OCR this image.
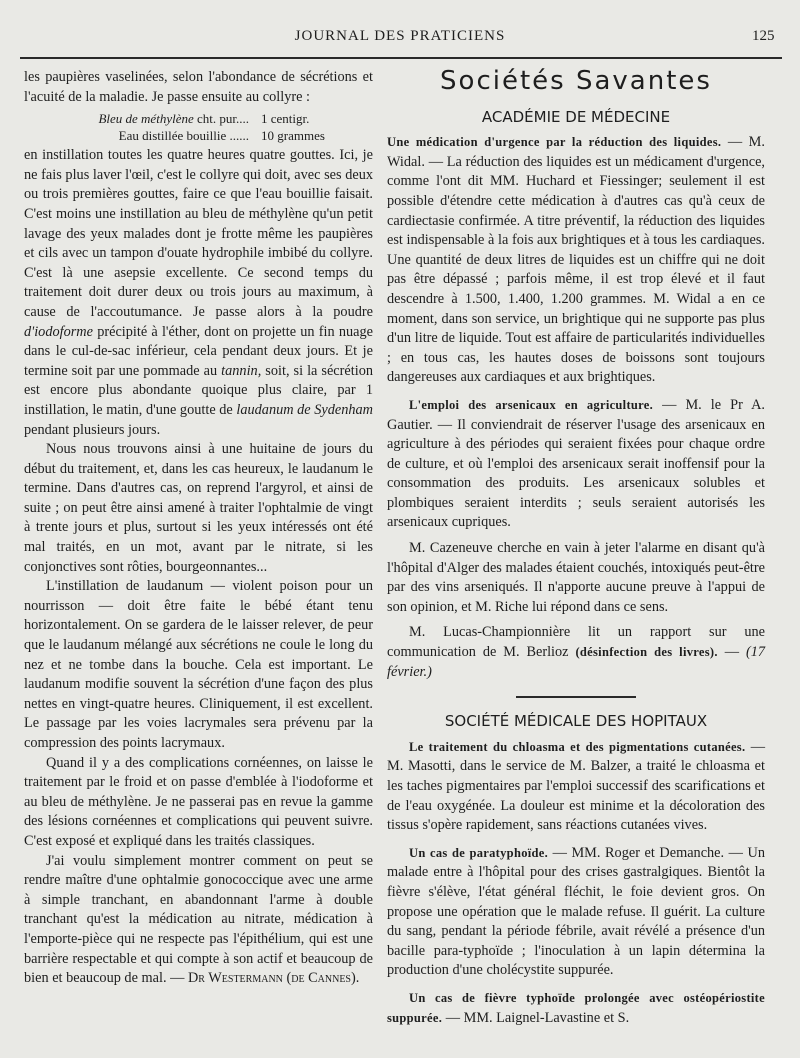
JOURNAL DES PRATICIENS	125

les paupières vaselinées, selon l'abondance de sécrétions et l'acuité de la maladie. Je passe ensuite au collyre :

Bleu de méthylène cht. pur.... 1 centigr.
Eau distillée bouillie ...... 10 grammes

en instillation toutes les quatre heures quatre gouttes. Ici, je ne fais plus laver l'œil, c'est le collyre qui doit, avec ses deux ou trois premières gouttes, faire ce que l'eau bouillie faisait. C'est moins une instillation au bleu de méthylène qu'un petit lavage des yeux malades dont je frotte même les paupières et cils avec un tampon d'ouate hydrophile imbibé du collyre. C'est là une asepsie excellente. Ce second temps du traitement doit durer deux ou trois jours au maximum, à cause de l'accoutumance. Je passe alors à la poudre d'iodoforme précipité à l'éther, dont on projette un fin nuage dans le cul-de-sac inférieur, cela pendant deux jours. Et je termine soit par une pommade au tannin, soit, si la sécrétion est encore plus abondante quoique plus claire, par 1 instillation, le matin, d'une goutte de laudanum de Sydenham pendant plusieurs jours.

Nous nous trouvons ainsi à une huitaine de jours du début du traitement, et, dans les cas heureux, le laudanum le termine. Dans d'autres cas, on reprend l'argyrol, et ainsi de suite ; on peut être ainsi amené à traiter l'ophtalmie de vingt à trente jours et plus, surtout si les yeux intéressés ont été mal traités, en un mot, avant par le nitrate, si les conjonctives sont rôties, bourgeonnantes...

L'instillation de laudanum — violent poison pour un nourrisson — doit être faite le bébé étant tenu horizontalement. On se gardera de le laisser relever, de peur que le laudanum mélangé aux sécrétions ne coule le long du nez et ne tombe dans la bouche. Cela est important. Le laudanum modifie souvent la sécrétion d'une façon des plus nettes en vingt-quatre heures. Cliniquement, il est excellent. Le passage par les voies lacrymales sera prévenu par la compression des points lacrymaux.

Quand il y a des complications cornéennes, on laisse le traitement par le froid et on passe d'emblée à l'iodoforme et au bleu de méthylène. Je ne passerai pas en revue la gamme des lésions cornéennes et complications qui peuvent suivre. C'est exposé et expliqué dans les traités classiques.

J'ai voulu simplement montrer comment on peut se rendre maître d'une ophtalmie gonococcique avec une arme à simple tranchant, en abandonnant l'arme à double tranchant qu'est la médication au nitrate, médication à l'emporte-pièce qui ne respecte pas l'épithélium, qui est une barrière respectable et qui compte à son actif et beaucoup de bien et beaucoup de mal. — Dr Westermann (de Cannes).

Sociétés Savantes
ACADÉMIE DE MÉDECINE

Une médication d'urgence par la réduction des liquides. — M. Widal. — La réduction des liquides est un médicament d'urgence, comme l'ont dit MM. Huchard et Fiessinger; seulement il est possible d'étendre cette médication à d'autres cas qu'à ceux de cardiectasie confirmée. A titre préventif, la réduction des liquides est indispensable à la fois aux brightiques et à tous les cardiaques. Une quantité de deux litres de liquides est un chiffre qui ne doit pas être dépassé ; parfois même, il est trop élevé et il faut descendre à 1.500, 1.400, 1.200 grammes. M. Widal a en ce moment, dans son service, un brightique qui ne supporte pas plus d'un litre de liquide. Tout est affaire de particularités individuelles ; en tous cas, les hautes doses de boissons sont toujours dangereuses aux cardiaques et aux brightiques.

L'emploi des arsenicaux en agriculture. — M. le Pr A. Gautier. — Il conviendrait de réserver l'usage des arsenicaux en agriculture à des périodes qui seraient fixées pour chaque ordre de culture, et où l'emploi des arsenicaux serait inoffensif pour la consommation des produits. Les arsenicaux solubles et plombiques seraient interdits ; seuls seraient autorisés les arsenicaux cupriques.

M. Cazeneuve cherche en vain à jeter l'alarme en disant qu'à l'hôpital d'Alger des malades étaient couchés, intoxiqués peut-être par des vins arseniqués. Il n'apporte aucune preuve à l'appui de son opinion, et M. Riche lui répond dans ce sens.

M. Lucas-Championnière lit un rapport sur une communication de M. Berlioz (désinfection des livres). — (17 février.)

SOCIÉTÉ MÉDICALE DES HOPITAUX

Le traitement du chloasma et des pigmentations cutanées. — M. Masotti, dans le service de M. Balzer, a traité le chloasma et les taches pigmentaires par l'emploi successif des scarifications et de l'eau oxygénée. La douleur est minime et la décoloration des tissus s'opère rapidement, sans réactions cutanées vives.

Un cas de paratyphoïde. — MM. Roger et Demanche. — Un malade entre à l'hôpital pour des crises gastralgiques. Bientôt la fièvre s'élève, l'état général fléchit, le foie devient gros. On propose une opération que le malade refuse. Il guérit. La culture du sang, pendant la période fébrile, avait révélé a présence d'un bacille para-typhoïde ; l'inoculation à un lapin détermina la production d'une cholécystite suppurée.

Un cas de fièvre typhoïde prolongée avec ostéopériostite suppurée. — MM. Laignel-Lavastine et S.
